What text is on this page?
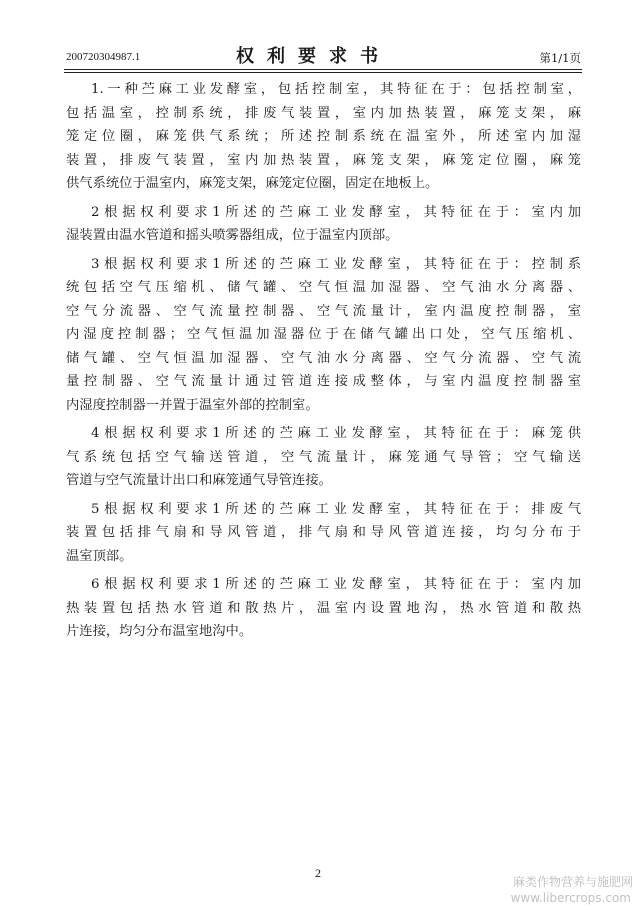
200720304987.1	权利要求书	第1/1页
1.一种苎麻工业发酵室，包括控制室，其特征在于：包括控制室，
包括温室，控制系统，排废气装置，室内加热装置，麻笼支架，麻
笼定位圈，麻笼供气系统；所述控制系统在温室外，所述室内加湿
装置，排废气装置，室内加热装置，麻笼支架，麻笼定位圈，麻笼
供气系统位于温室内，麻笼支架，麻笼定位圈，固定在地板上。
2根据权利要求1所述的苎麻工业发酵室，其特征在于：室内加
湿装置由温水管道和摇头喷雾器组成，位于温室内顶部。
3根据权利要求1所述的苎麻工业发酵室，其特征在于：控制系
统包括空气压缩机、储气罐、空气恒温加湿器、空气油水分离器、
空气分流器、空气流量控制器、空气流量计，室内温度控制器，室
内湿度控制器；空气恒温加湿器位于在储气罐出口处，空气压缩机、
储气罐、空气恒温加湿器、空气油水分离器、空气分流器、空气流
量控制器、空气流量计通过管道连接成整体，与室内温度控制器室
内湿度控制器一并置于温室外部的控制室。
4根据权利要求1所述的苎麻工业发酵室，其特征在于：麻笼供
气系统包括空气输送管道，空气流量计，麻笼通气导管；空气输送
管道与空气流量计出口和麻笼通气导管连接。
5根据权利要求1所述的苎麻工业发酵室，其特征在于：排废气
装置包括排气扇和导风管道，排气扇和导风管道连接，均匀分布于
温室顶部。
6根据权利要求1所述的苎麻工业发酵室，其特征在于：室内加
热装置包括热水管道和散热片，温室内设置地沟，热水管道和散热
片连接，均匀分布温室地沟中。
2
麻类作物营养与施肥网
www.libercrops.com
